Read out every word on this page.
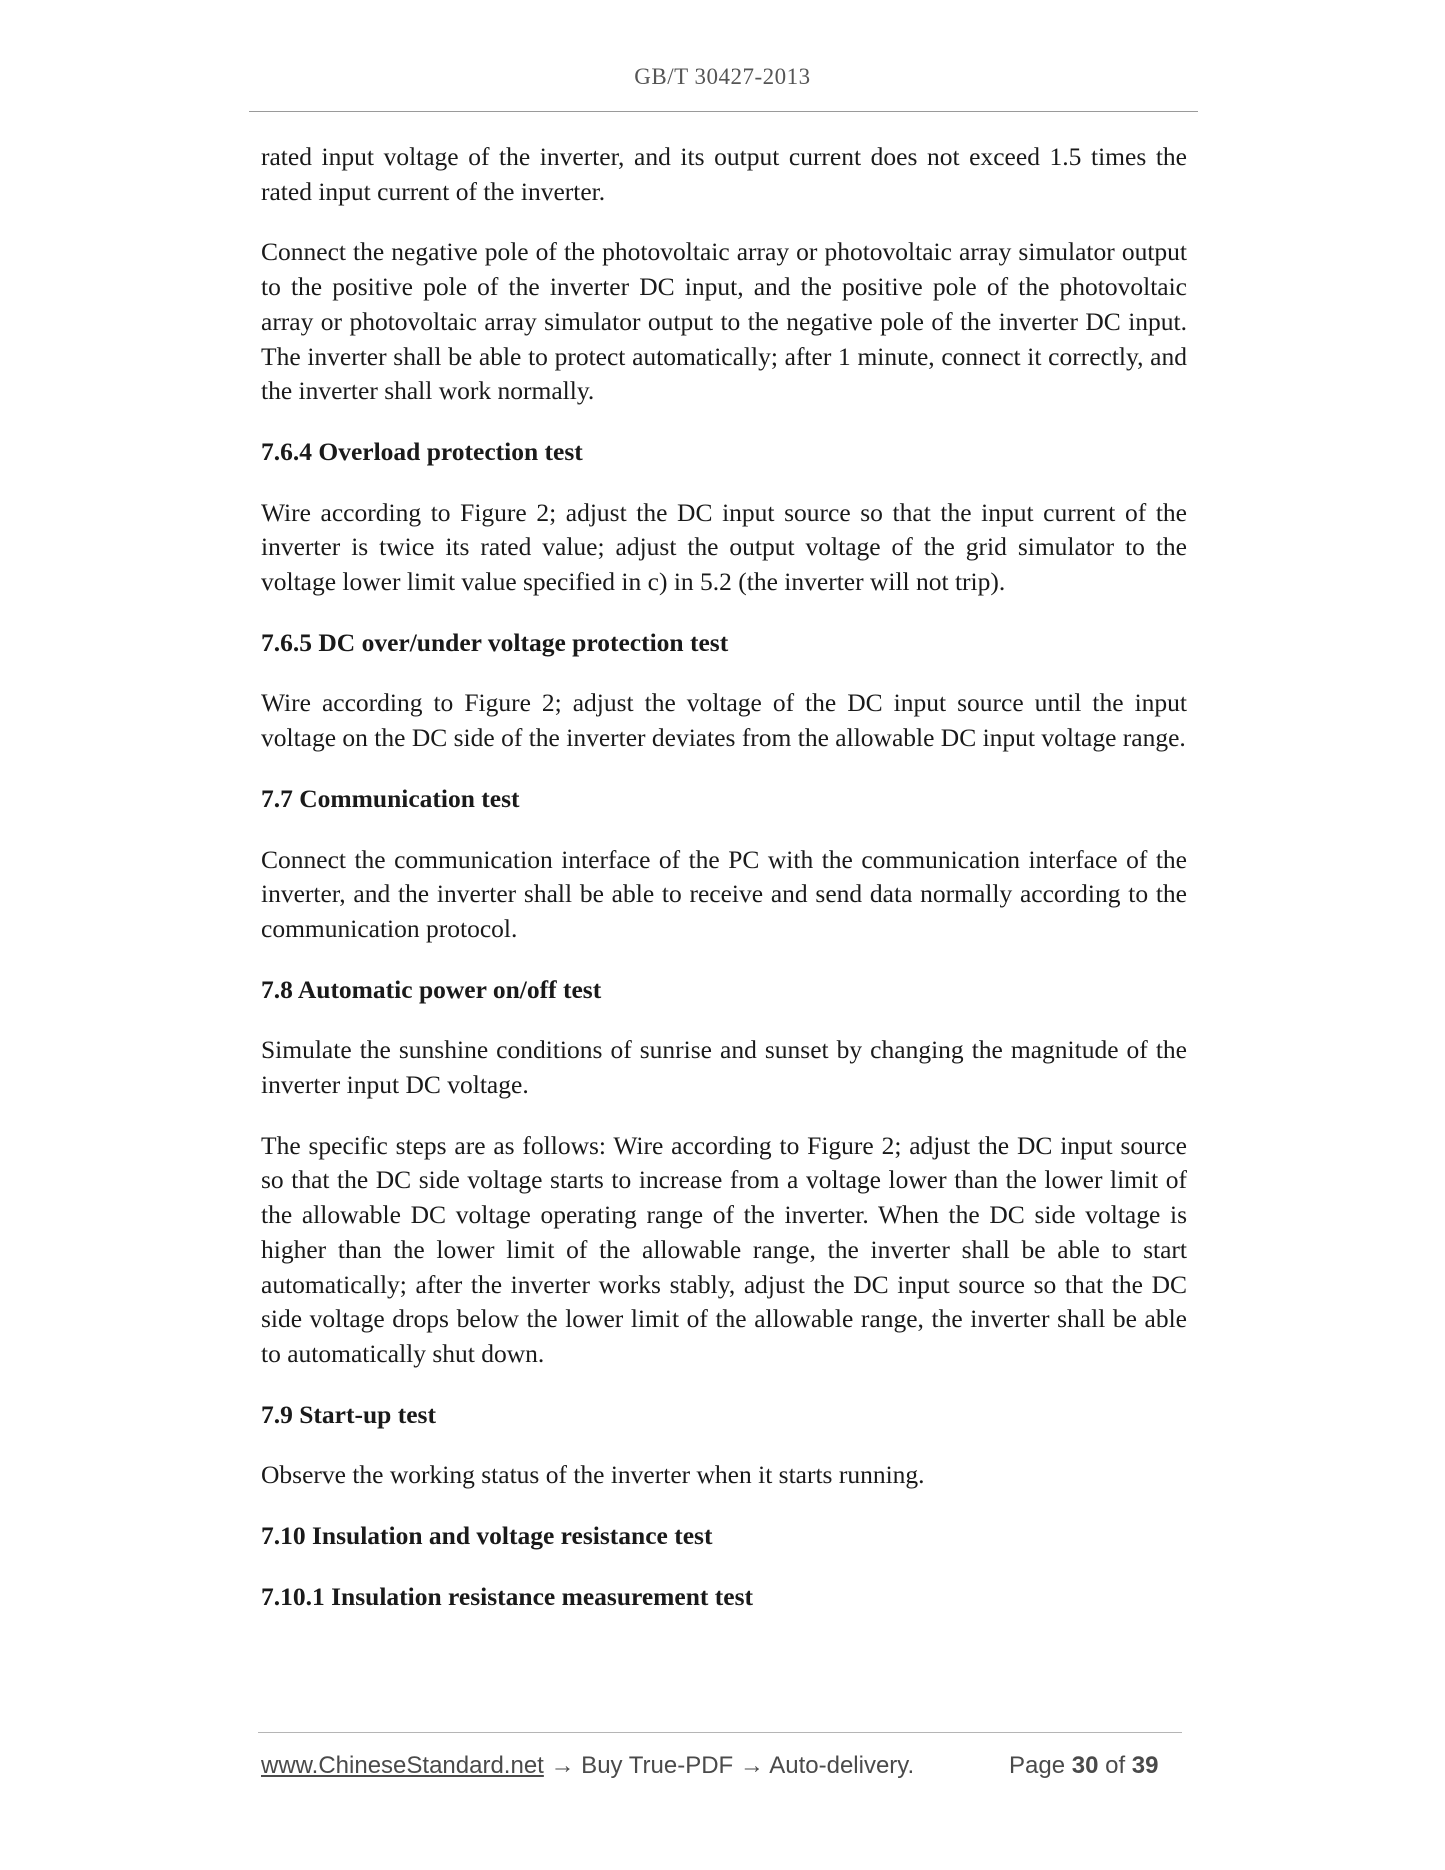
GB/T 30427-2013

rated input voltage of the inverter, and its output current does not exceed 1.5 times the rated input current of the inverter.

Connect the negative pole of the photovoltaic array or photovoltaic array simulator output to the positive pole of the inverter DC input, and the positive pole of the photovoltaic array or photovoltaic array simulator output to the negative pole of the inverter DC input. The inverter shall be able to protect automatically; after 1 minute, connect it correctly, and the inverter shall work normally.

7.6.4 Overload protection test

Wire according to Figure 2; adjust the DC input source so that the input current of the inverter is twice its rated value; adjust the output voltage of the grid simulator to the voltage lower limit value specified in c) in 5.2 (the inverter will not trip).

7.6.5 DC over/under voltage protection test

Wire according to Figure 2; adjust the voltage of the DC input source until the input voltage on the DC side of the inverter deviates from the allowable DC input voltage range.

7.7 Communication test

Connect the communication interface of the PC with the communication interface of the inverter, and the inverter shall be able to receive and send data normally according to the communication protocol.

7.8 Automatic power on/off test

Simulate the sunshine conditions of sunrise and sunset by changing the magnitude of the inverter input DC voltage.

The specific steps are as follows: Wire according to Figure 2; adjust the DC input source so that the DC side voltage starts to increase from a voltage lower than the lower limit of the allowable DC voltage operating range of the inverter. When the DC side voltage is higher than the lower limit of the allowable range, the inverter shall be able to start automatically; after the inverter works stably, adjust the DC input source so that the DC side voltage drops below the lower limit of the allowable range, the inverter shall be able to automatically shut down.

7.9 Start-up test

Observe the working status of the inverter when it starts running.

7.10 Insulation and voltage resistance test

7.10.1 Insulation resistance measurement test

www.ChineseStandard.net → Buy True-PDF → Auto-delivery.	Page 30 of 39
